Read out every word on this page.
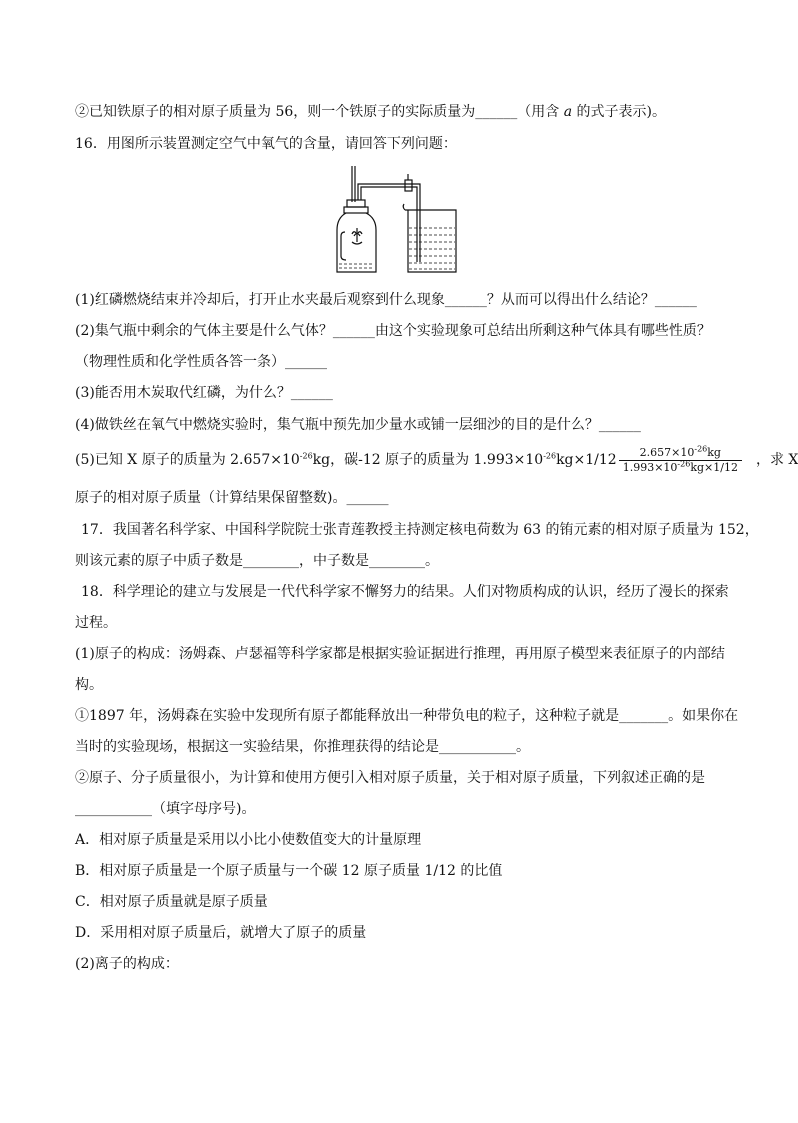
②已知铁原子的相对原子质量为 56，则一个铁原子的实际质量为______（用含 a 的式子表示)。
16．用图所示装置测定空气中氧气的含量，请回答下列问题：
(1)红磷燃烧结束并冷却后，打开止水夹最后观察到什么现象______？从而可以得出什么结论？______
(2)集气瓶中剩余的气体主要是什么气体？______由这个实验现象可总结出所剩这种气体具有哪些性质？
（物理性质和化学性质各答一条）______
(3)能否用木炭取代红磷，为什么？______
(4)做铁丝在氧气中燃烧实验时，集气瓶中预先加少量水或铺一层细沙的目的是什么？______
(5)已知 X 原子的质量为 $2.657\times 10^{-26}kg$，碳-12 原子的质量为 $1.993\times 10^{-26}kg\times 1/12 \frac{2.657\times 10^{-26}kg}{1.993\times 10^{-26}kg\times 1/12}$ ，求 X
原子的相对原子质量（计算结果保留整数)。______
17．我国著名科学家、中国科学院院士张青莲教授主持测定核电荷数为 63 的铕元素的相对原子质量为 152，
则该元素的原子中质子数是________，中子数是________。
18．科学理论的建立与发展是一代代科学家不懈努力的结果。人们对物质构成的认识，经历了漫长的探索
过程。
(1)原子的构成：汤姆森、卢瑟福等科学家都是根据实验证据进行推理，再用原子模型来表征原子的内部结
构。
①1897 年，汤姆森在实验中发现所有原子都能释放出一种带负电的粒子，这种粒子就是_______。如果你在
当时的实验现场，根据这一实验结果，你推理获得的结论是___________。
②原子、分子质量很小，为计算和使用方便引入相对原子质量，关于相对原子质量，下列叙述正确的是
___________（填字母序号)。
A．相对原子质量是采用以小比小使数值变大的计量原理
B．相对原子质量是一个原子质量与一个碳 12 原子质量 1/12 的比值
C．相对原子质量就是原子质量
D．采用相对原子质量后，就增大了原子的质量
(2)离子的构成：
